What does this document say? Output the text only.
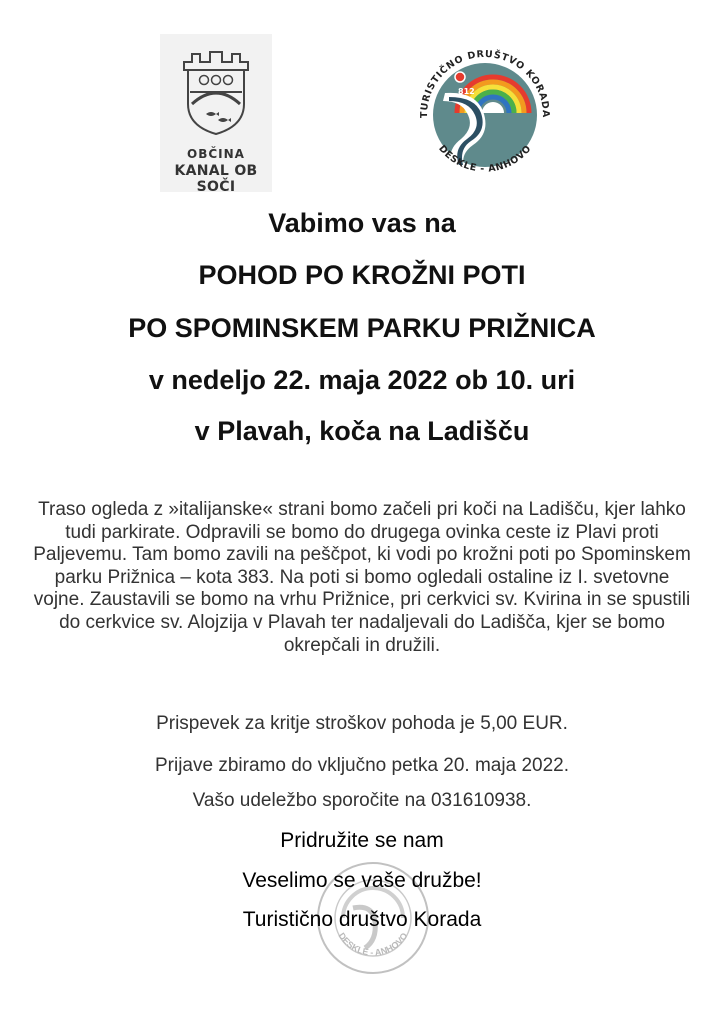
OBČINA
KANAL OB SOČI
812
TURISTIČNO DRUŠTVO KORADA
DESKLE - ANHOVO
Vabimo vas na
POHOD PO KROŽNI POTI
PO SPOMINSKEM PARKU PRIŽNICA
v nedeljo 22. maja 2022 ob 10. uri
v Plavah, koča na Ladišču
Traso ogleda z »italijanske« strani bomo začeli pri koči na Ladišču, kjer lahko tudi parkirate. Odpravili se bomo do drugega ovinka ceste iz Plavi proti Paljevemu. Tam bomo zavili na peščpot, ki vodi po krožni poti po Spominskem parku Prižnica – kota 383. Na poti si bomo ogledali ostaline iz I. svetovne vojne. Zaustavili se bomo na vrhu Prižnice, pri cerkvici sv. Kvirina in se spustili do cerkvice sv. Alojzija v Plavah ter nadaljevali do Ladišča, kjer se bomo okrepčali in družili.
Prispevek za kritje stroškov pohoda je 5,00 EUR.
Prijave zbiramo do vključno petka 20. maja 2022.
Vašo udeležbo sporočite na 031610938.
DESKLE - ANHOVO
Pridružite se nam
Veselimo se vaše družbe!
Turistično društvo Korada
